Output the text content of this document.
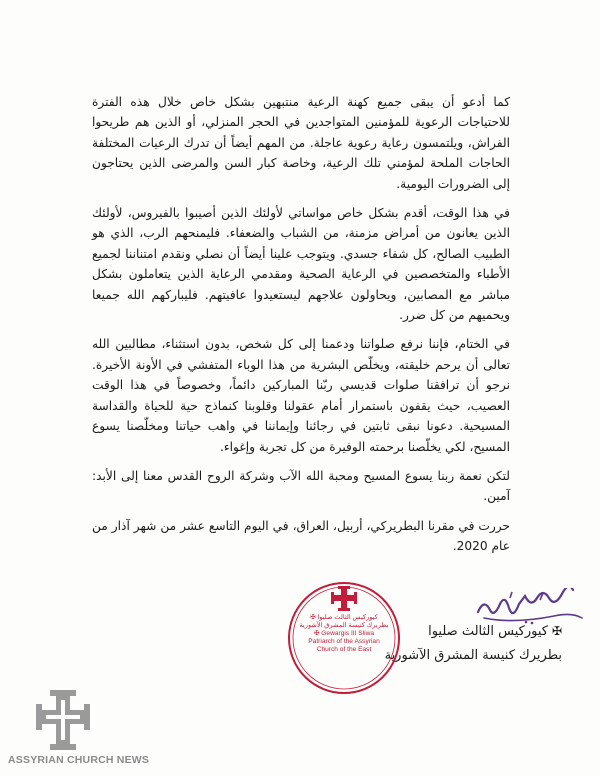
كما أدعو أن يبقى جميع كهنة الرعية منتبهين بشكل خاص خلال هذه الفترة للاحتياجات الرعوية للمؤمنين المتواجدين في الحجر المنزلي، أو الذين هم طريحوا الفراش، ويلتمسون رعاية رعوية عاجلة. من المهم أيضاً أن تدرك الرعيات المختلفة الحاجات الملحة لمؤمني تلك الرعية، وخاصة كبار السن والمرضى الذين يحتاجون إلى الضرورات اليومية.

في هذا الوقت، أقدم بشكل خاص مواساتي لأولئك الذين أصيبوا بالفيروس، لأولئك الذين يعانون من أمراض مزمنة، من الشباب والضعفاء. فليمنحهم الرب، الذي هو الطبيب الصالح، كل شفاء جسدي. ويتوجب علينا أيضاً أن نصلي ونقدم امتناننا لجميع الأطباء والمتخصصين في الرعاية الصحية ومقدمي الرعاية الذين يتعاملون بشكل مباشر مع المصابين، ويحاولون علاجهم ليستعيدوا عافيتهم. فليباركهم الله جميعا ويحميهم من كل ضرر.

في الختام، فإننا نرفع صلواتنا ودعمنا إلى كل شخص، بدون استثناء، مطالبين الله تعالى أن يرحم خليقته، ويخلّص البشرية من هذا الوباء المتفشي في الأونة الأخيرة. نرجو أن ترافقنا صلوات قديسي ربّنا المباركين دائماً، وخصوصاً في هذا الوقت العصيب، حيث يقفون باستمرار أمام عقولنا وقلوبنا كنماذج حية للحياة والقداسة المسيحية. دعونا نبقى ثابتين في رجائنا وإيماننا في واهب حياتنا ومخلّصنا يسوع المسيح، لكي يخلّصنا برحمته الوفيرة من كل تجربة وإغواء.

لتكن نعمة ربنا يسوع المسيح ومحبة الله الآب وشركة الروح القدس معنا إلى الأبد: آمين.

حررت في مقرنا البطريركي، أربيل، العراق، في اليوم التاسع عشر من شهر آذار من عام 2020.

✠كيوركيس الثالث صليوا
بطريرك كنيسة المشرق الآشورية
كيوركيس الثالث صليوا ✠
بطريرك كنيسة المشرق الآشورية
✠ Gewargis III Sliwa
Patriarch of the Assyrian
Church of the East
ASSYRIAN CHURCH NEWS
